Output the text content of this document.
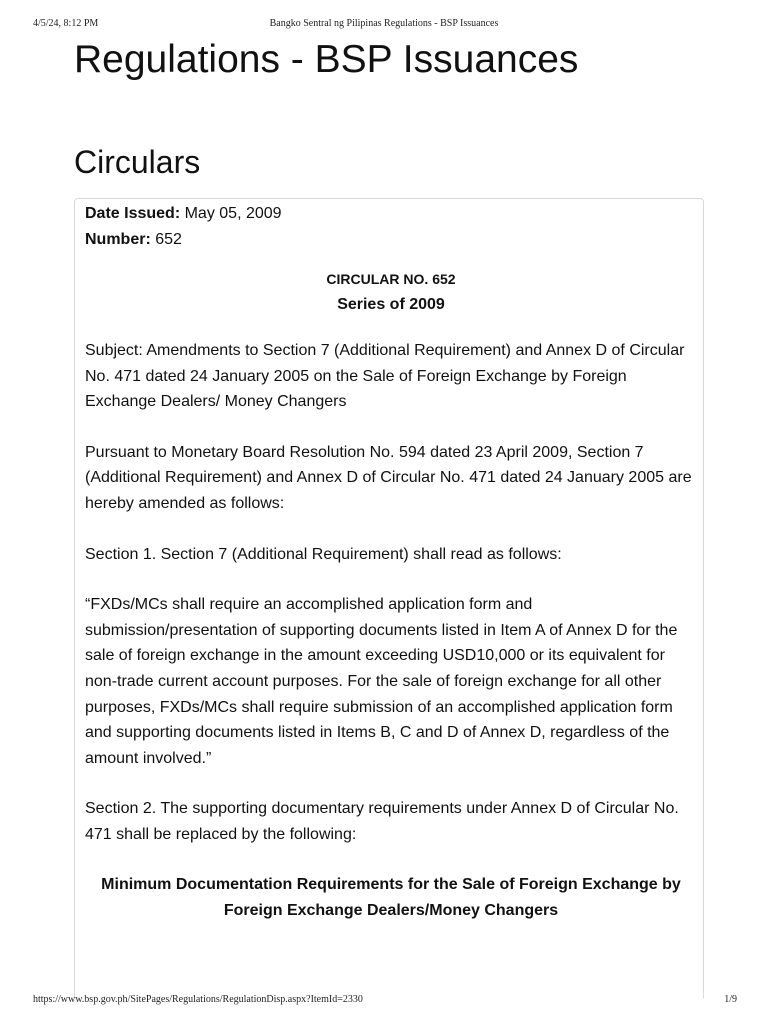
4/5/24, 8:12 PM	Bangko Sentral ng Pilipinas Regulations - BSP Issuances
Regulations - BSP Issuances
Circulars
Date Issued: May 05, 2009
Number: 652
CIRCULAR NO. 652
Series of 2009

Subject: Amendments to Section 7 (Additional Requirement) and Annex D of Circular No. 471 dated 24 January 2005 on the Sale of Foreign Exchange by Foreign Exchange Dealers/ Money Changers

Pursuant to Monetary Board Resolution No. 594 dated 23 April 2009, Section 7 (Additional Requirement) and Annex D of Circular No. 471 dated 24 January 2005 are hereby amended as follows:

Section 1. Section 7 (Additional Requirement) shall read as follows:

“FXDs/MCs shall require an accomplished application form and submission/presentation of supporting documents listed in Item A of Annex D for the sale of foreign exchange in the amount exceeding USD10,000 or its equivalent for non-trade current account purposes. For the sale of foreign exchange for all other purposes, FXDs/MCs shall require submission of an accomplished application form and supporting documents listed in Items B, C and D of Annex D, regardless of the amount involved.”

Section 2. The supporting documentary requirements under Annex D of Circular No. 471 shall be replaced by the following:

Minimum Documentation Requirements for the Sale of Foreign Exchange by Foreign Exchange Dealers/Money Changers
https://www.bsp.gov.ph/SitePages/Regulations/RegulationDisp.aspx?ItemId=2330	1/9
